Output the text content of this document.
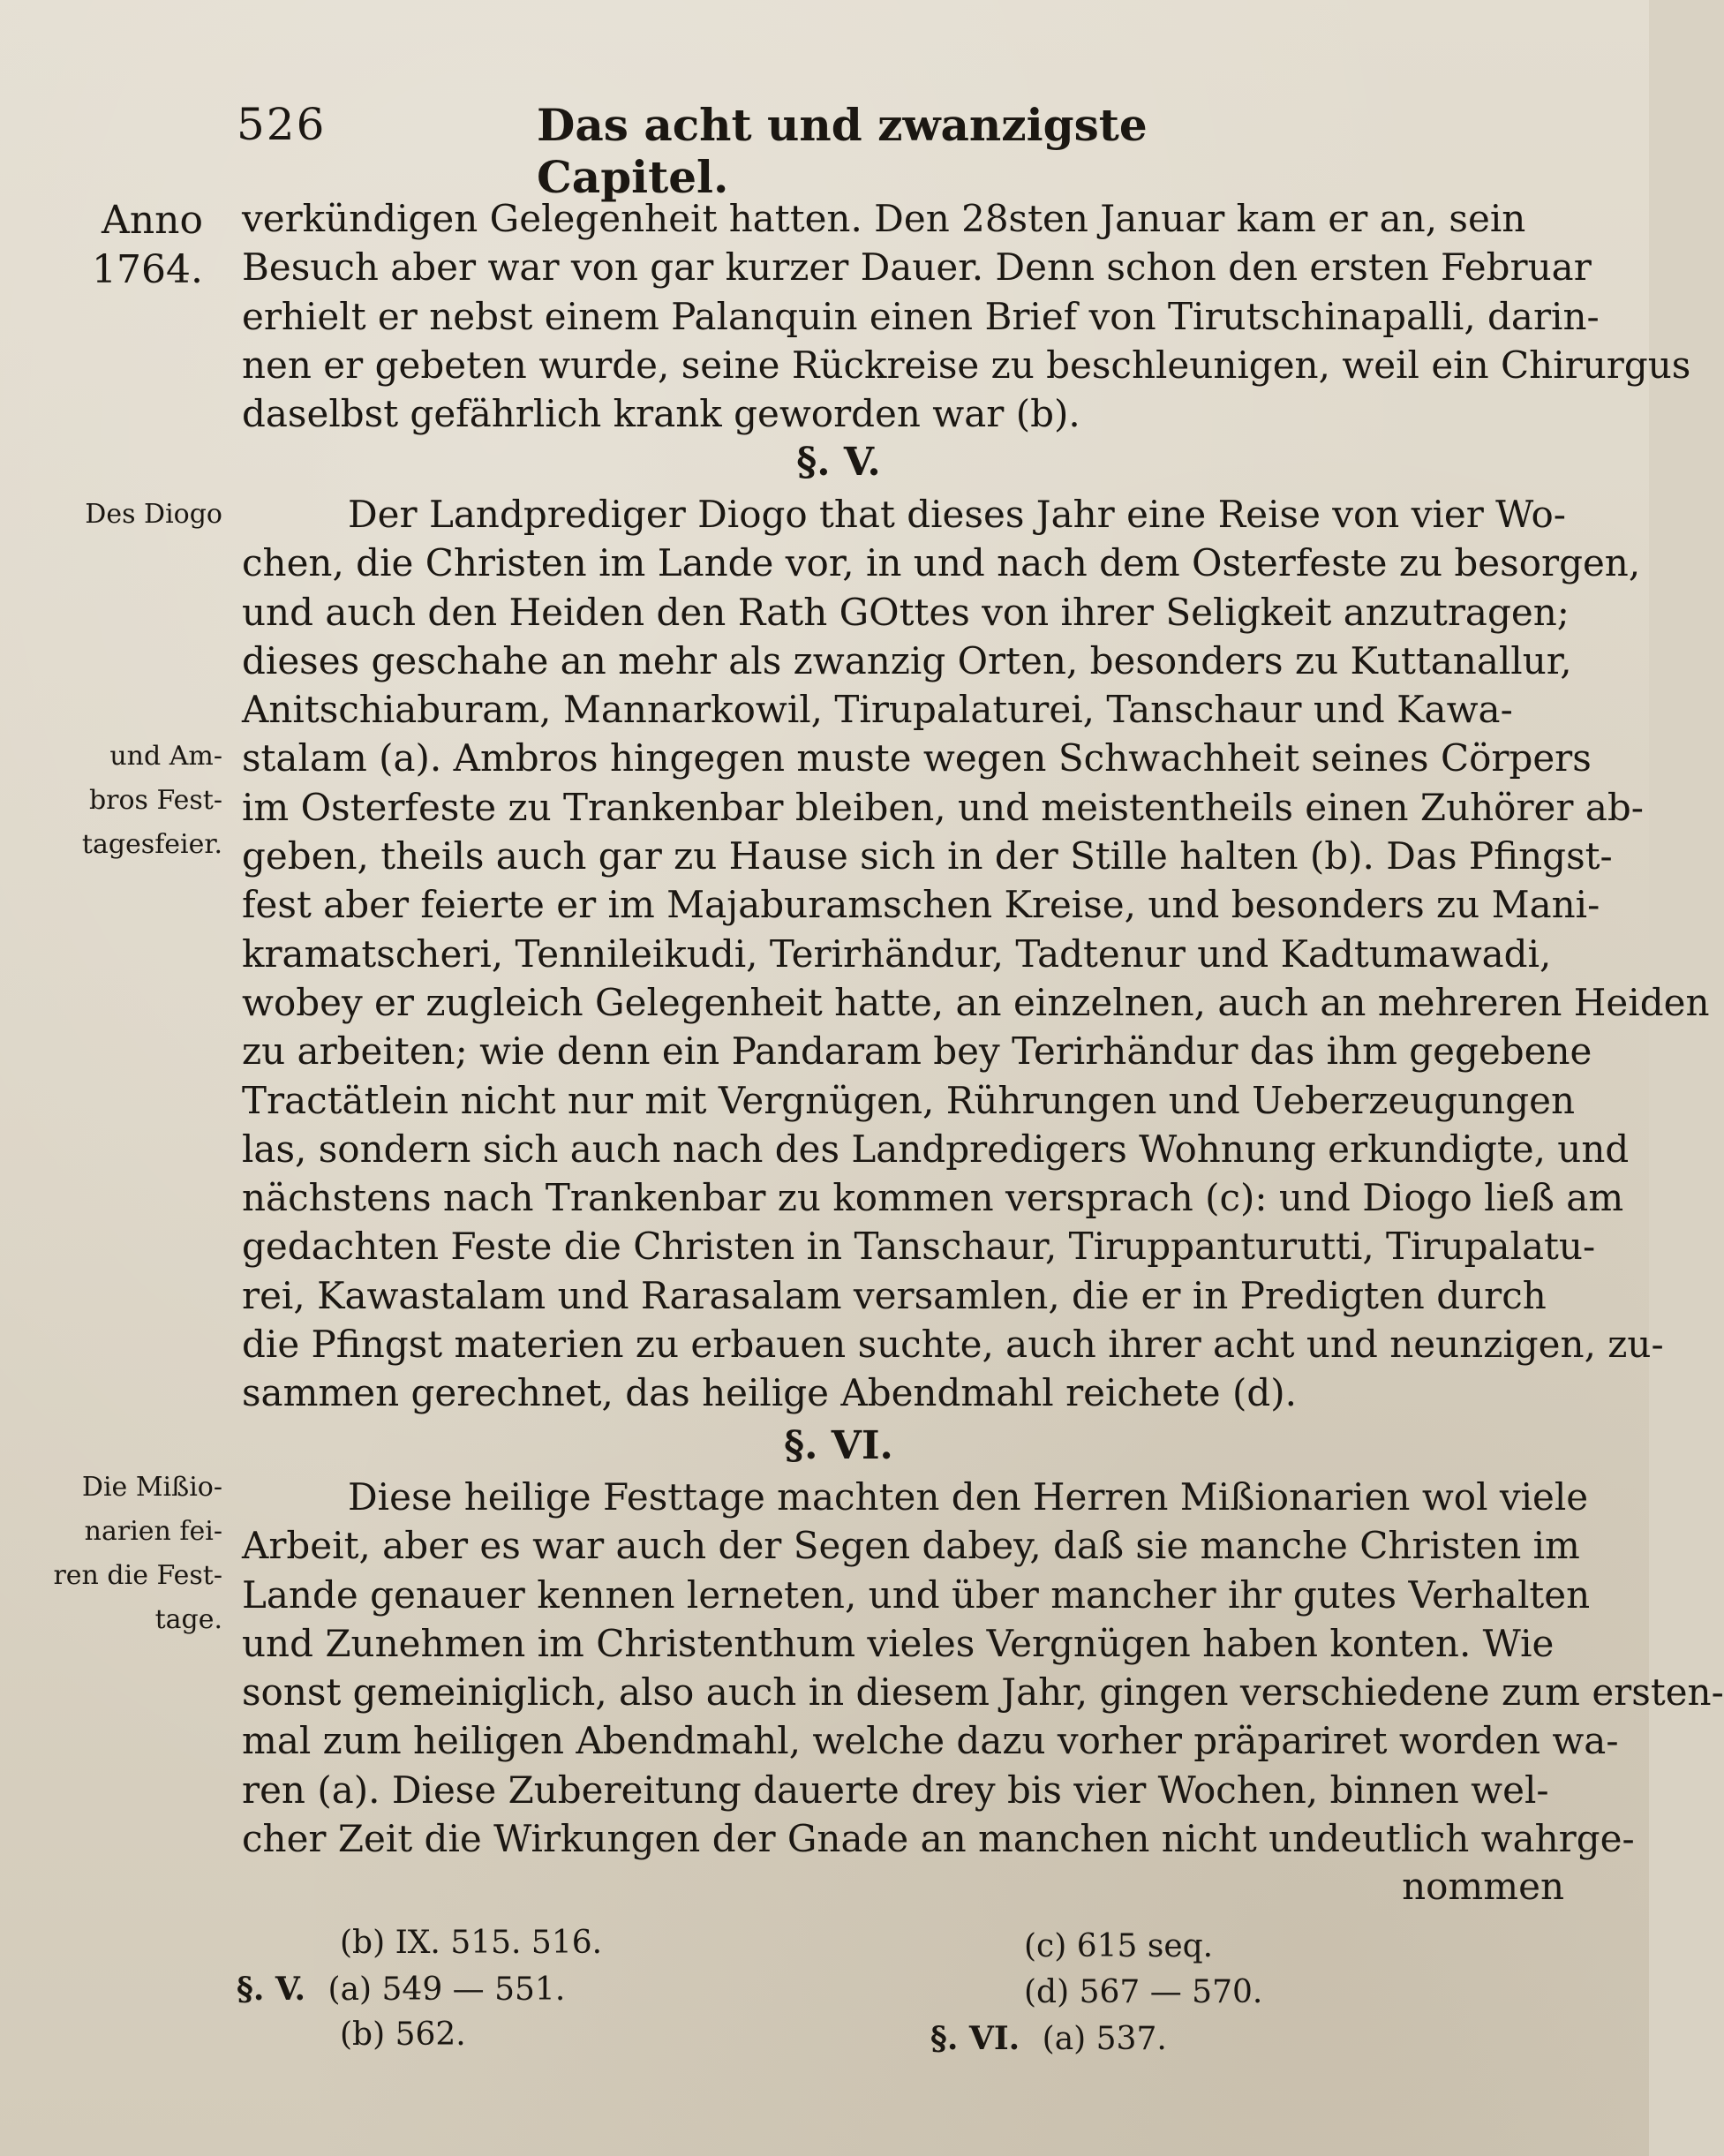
526	Das acht und zwanzigste Capitel.
Anno
1764.
Des Diogo
und Am-
bros Fest-
tagesfeier.
Die Mißio-
narien fei-
ren die Fest-
tage.
verkündigen Gelegenheit hatten. Den 28sten Januar kam er an, sein
Besuch aber war von gar kurzer Dauer. Denn schon den ersten Februar
erhielt er nebst einem Palanquin einen Brief von Tirutschinapalli, darin-
nen er gebeten wurde, seine Rückreise zu beschleunigen, weil ein Chirurgus
daselbst gefährlich krank geworden war (b).
§. V.
Der Landprediger Diogo that dieses Jahr eine Reise von vier Wo-
chen, die Christen im Lande vor, in und nach dem Osterfeste zu besorgen,
und auch den Heiden den Rath GOttes von ihrer Seligkeit anzutragen;
dieses geschahe an mehr als zwanzig Orten, besonders zu Kuttanallur,
Anitschiaburam, Mannarkowil, Tirupalaturei, Tanschaur und Kawa-
stalam (a). Ambros hingegen muste wegen Schwachheit seines Cörpers
im Osterfeste zu Trankenbar bleiben, und meistentheils einen Zuhörer ab-
geben, theils auch gar zu Hause sich in der Stille halten (b). Das Pfingst-
fest aber feierte er im Majaburamschen Kreise, und besonders zu Mani-
kramatscheri, Tennileikudi, Terirhändur, Tadtenur und Kadtumawadi,
wobey er zugleich Gelegenheit hatte, an einzelnen, auch an mehreren Heiden
zu arbeiten; wie denn ein Pandaram bey Terirhändur das ihm gegebene
Tractätlein nicht nur mit Vergnügen, Rührungen und Ueberzeugungen
las, sondern sich auch nach des Landpredigers Wohnung erkundigte, und
nächstens nach Trankenbar zu kommen versprach (c): und Diogo ließ am
gedachten Feste die Christen in Tanschaur, Tiruppanturutti, Tirupalatu-
rei, Kawastalam und Rarasalam versamlen, die er in Predigten durch
die Pfingst materien zu erbauen suchte, auch ihrer acht und neunzigen, zu-
sammen gerechnet, das heilige Abendmahl reichete (d).
§. VI.
Diese heilige Festtage machten den Herren Mißionarien wol viele
Arbeit, aber es war auch der Segen dabey, daß sie manche Christen im
Lande genauer kennen lerneten, und über mancher ihr gutes Verhalten
und Zunehmen im Christenthum vieles Vergnügen haben konten. Wie
sonst gemeiniglich, also auch in diesem Jahr, gingen verschiedene zum ersten-
mal zum heiligen Abendmahl, welche dazu vorher präpariret worden wa-
ren (a). Diese Zubereitung dauerte drey bis vier Wochen, binnen wel-
cher Zeit die Wirkungen der Gnade an manchen nicht undeutlich wahrge-
nommen
(b) IX. 515. 516.
§. V. (a) 549 — 551.
(b) 562.
(c) 615 seq.
(d) 567 — 570.
§. VI. (a) 537.
